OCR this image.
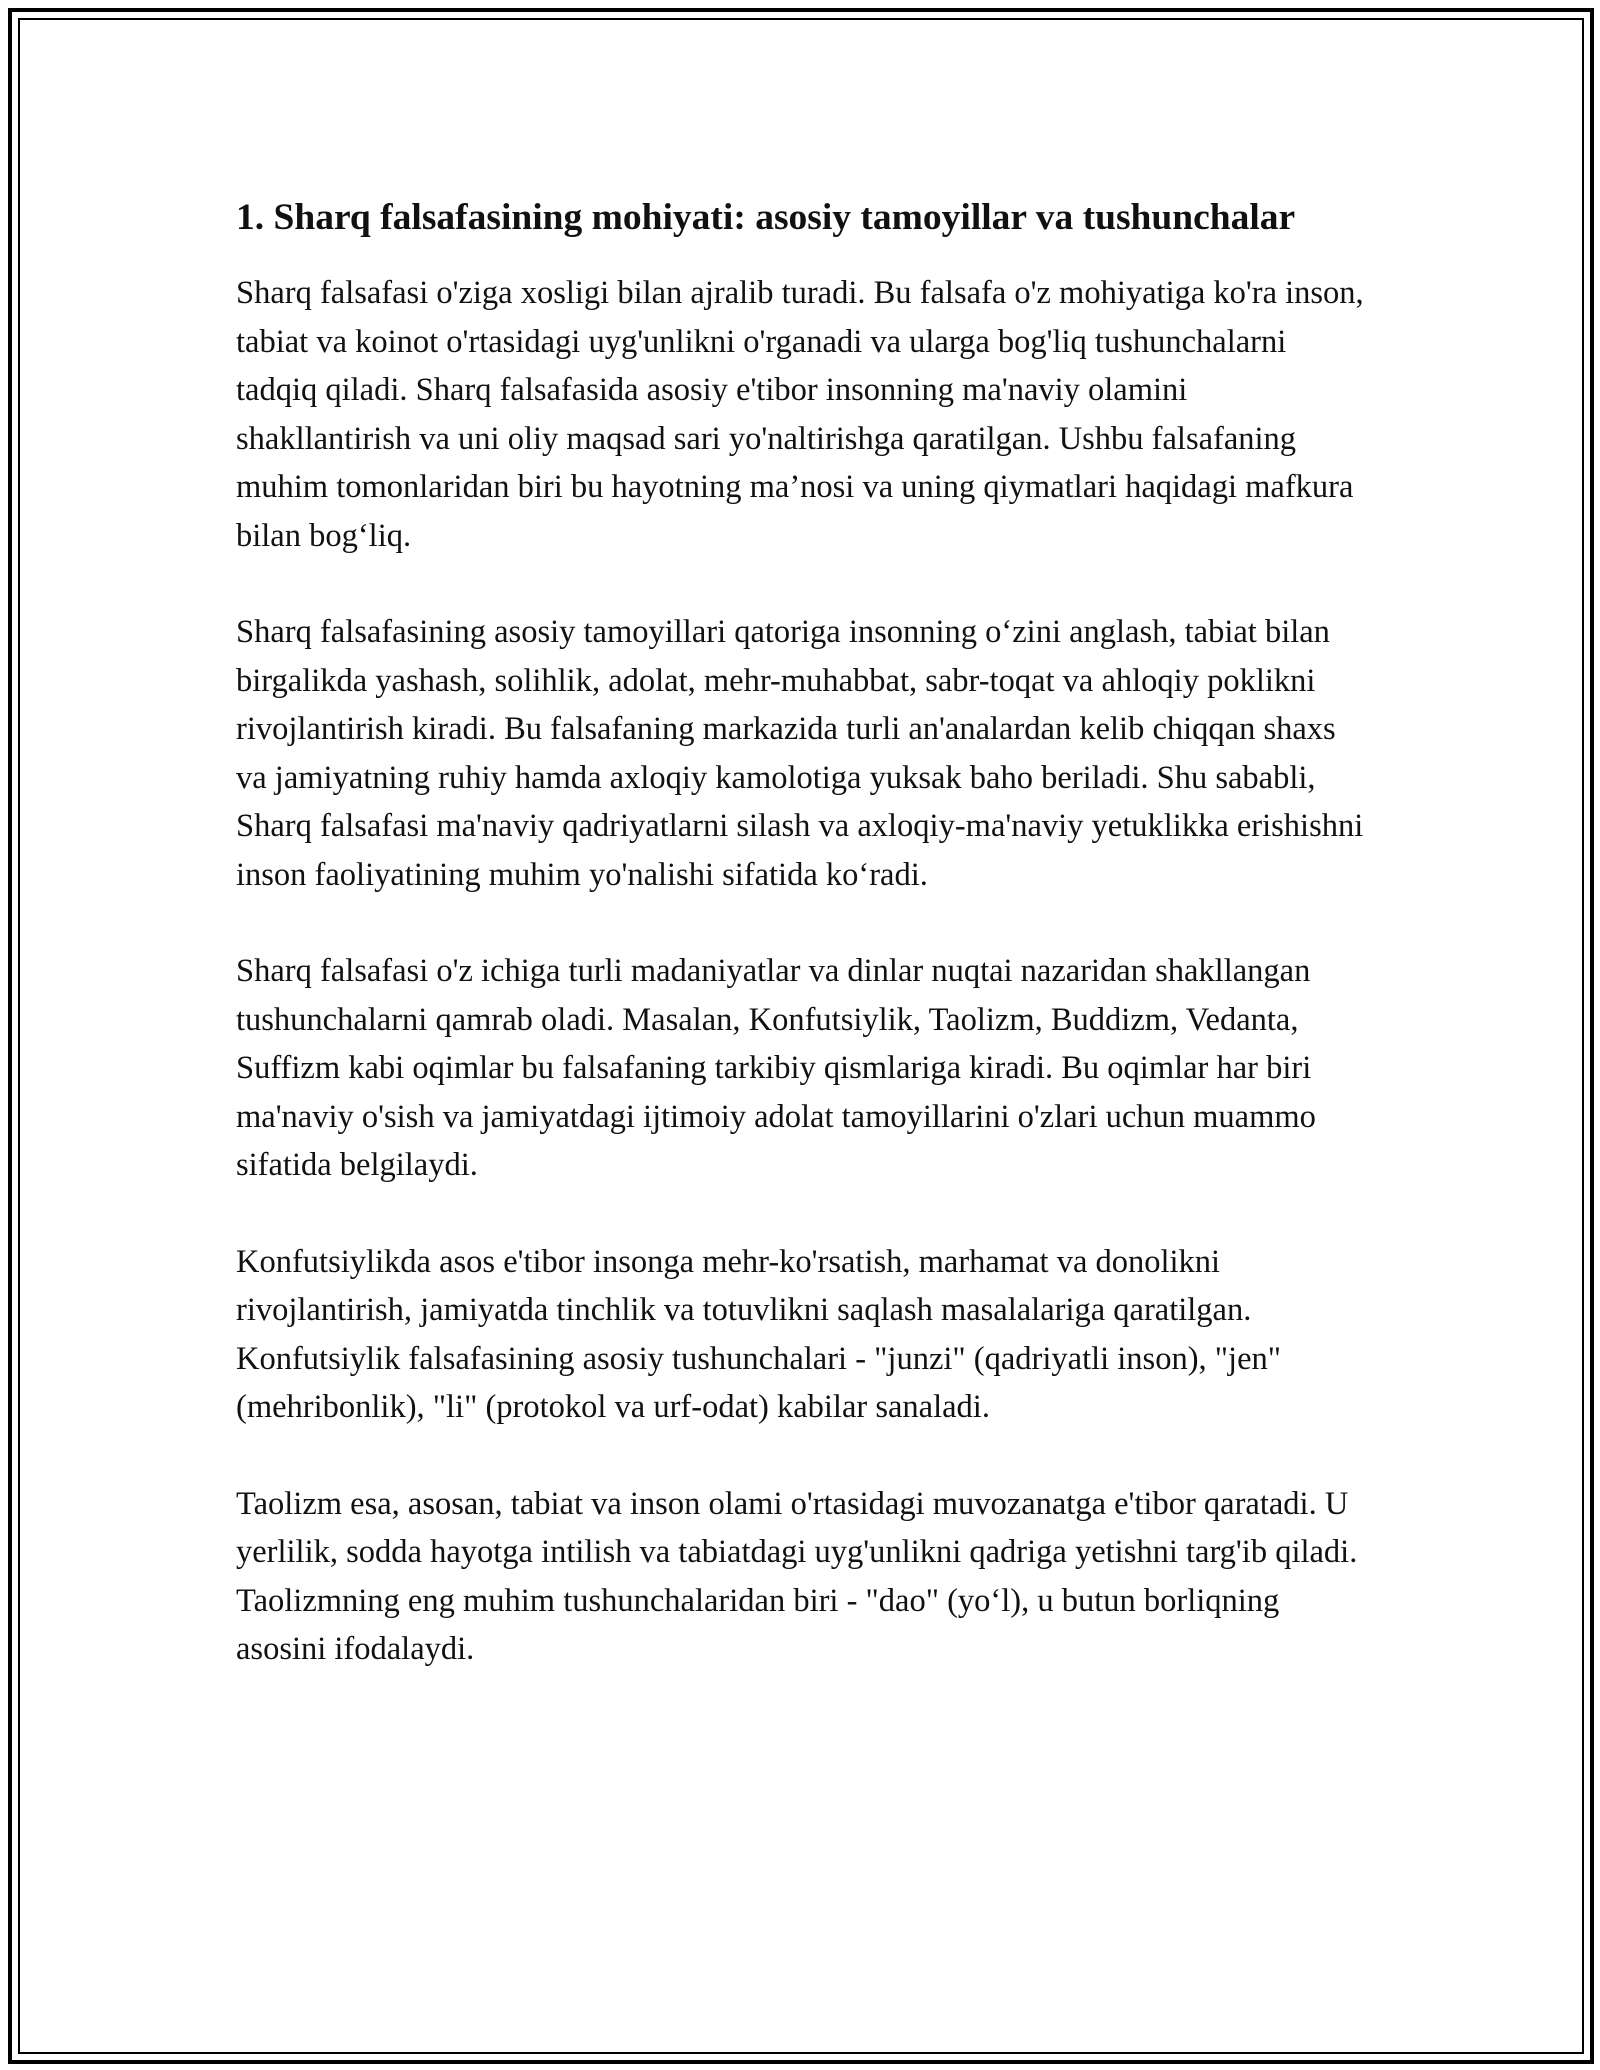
1. Sharq falsafasining mohiyati: asosiy tamoyillar va tushunchalar

Sharq falsafasi o'ziga xosligi bilan ajralib turadi. Bu falsafa o'z mohiyatiga ko'ra inson, tabiat va koinot o'rtasidagi uyg'unlikni o'rganadi va ularga bog'liq tushunchalarni tadqiq qiladi. Sharq falsafasida asosiy e'tibor insonning ma'naviy olamini shakllantirish va uni oliy maqsad sari yo'naltirishga qaratilgan. Ushbu falsafaning muhim tomonlaridan biri bu hayotning ma’nosi va uning qiymatlari haqidagi mafkura bilan bog‘liq.

Sharq falsafasining asosiy tamoyillari qatoriga insonning o‘zini anglash, tabiat bilan birgalikda yashash, solihlik, adolat, mehr-muhabbat, sabr-toqat va ahloqiy poklikni rivojlantirish kiradi. Bu falsafaning markazida turli an'analardan kelib chiqqan shaxs va jamiyatning ruhiy hamda axloqiy kamolotiga yuksak baho beriladi. Shu sababli, Sharq falsafasi ma'naviy qadriyatlarni silash va axloqiy-ma'naviy yetuklikka erishishni inson faoliyatining muhim yo'nalishi sifatida ko‘radi.

Sharq falsafasi o'z ichiga turli madaniyatlar va dinlar nuqtai nazaridan shakllangan tushunchalarni qamrab oladi. Masalan, Konfutsiylik, Taolizm, Buddizm, Vedanta, Suffizm kabi oqimlar bu falsafaning tarkibiy qismlariga kiradi. Bu oqimlar har biri ma'naviy o'sish va jamiyatdagi ijtimoiy adolat tamoyillarini o'zlari uchun muammo sifatida belgilaydi.

Konfutsiylikda asos e'tibor insonga mehr-ko'rsatish, marhamat va donolikni rivojlantirish, jamiyatda tinchlik va totuvlikni saqlash masalalariga qaratilgan. Konfutsiylik falsafasining asosiy tushunchalari - "junzi" (qadriyatli inson), "jen" (mehribonlik), "li" (protokol va urf-odat) kabilar sanaladi.

Taolizm esa, asosan, tabiat va inson olami o'rtasidagi muvozanatga e'tibor qaratadi. U yerlilik, sodda hayotga intilish va tabiatdagi uyg'unlikni qadriga yetishni targ'ib qiladi. Taolizmning eng muhim tushunchalaridan biri - "dao" (yo‘l), u butun borliqning asosini ifodalaydi.
